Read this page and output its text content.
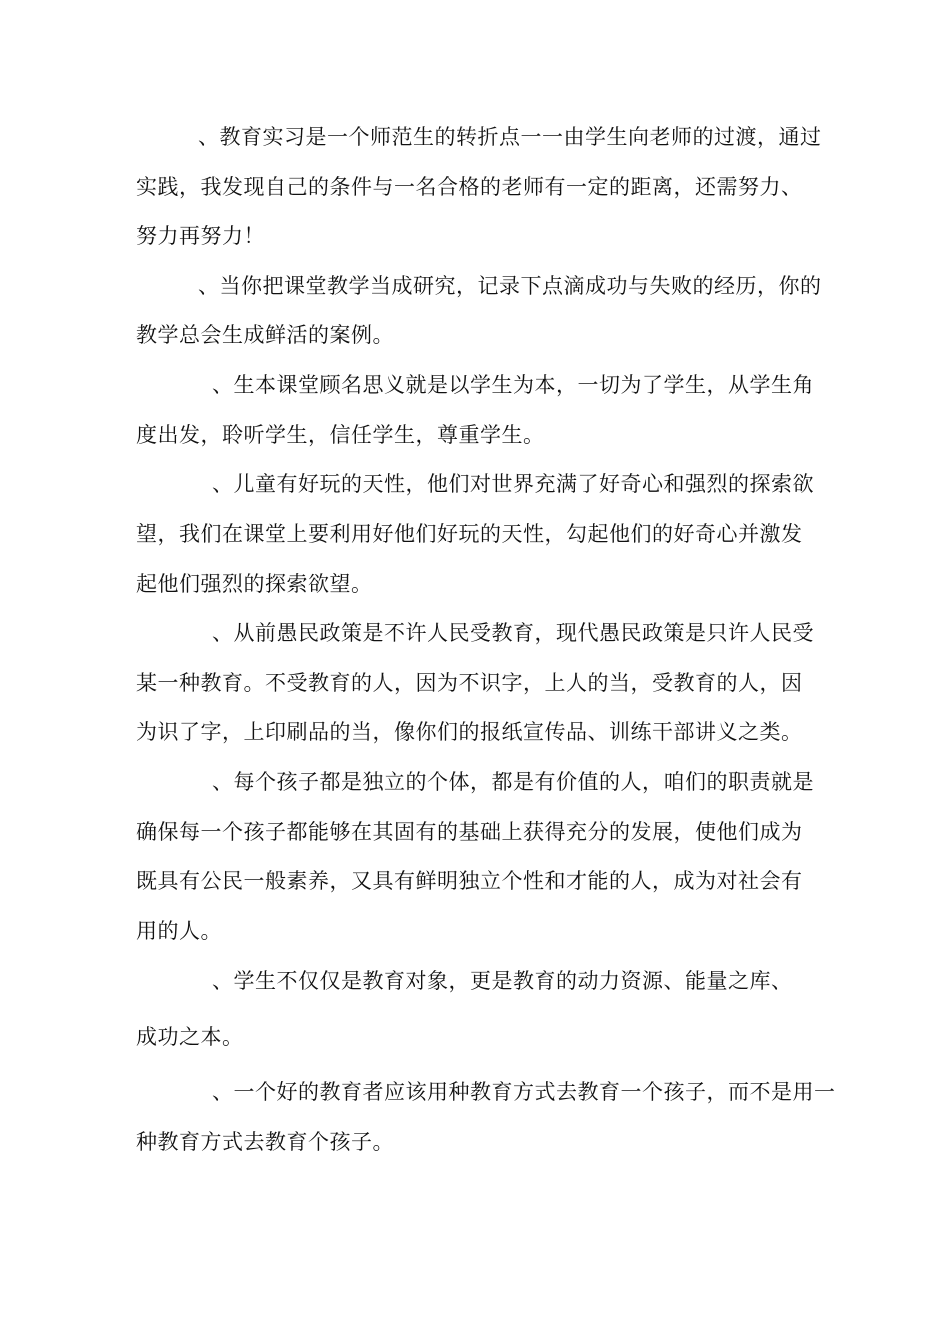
、教育实习是一个师范生的转折点一一由学生向老师的过渡，通过
实践，我发现自己的条件与一名合格的老师有一定的距离，还需努力、
努力再努力！
、当你把课堂教学当成研究，记录下点滴成功与失败的经历，你的
教学总会生成鲜活的案例。
、生本课堂顾名思义就是以学生为本，一切为了学生，从学生角
度出发，聆听学生，信任学生，尊重学生。
、儿童有好玩的天性，他们对世界充满了好奇心和强烈的探索欲
望，我们在课堂上要利用好他们好玩的天性，勾起他们的好奇心并激发
起他们强烈的探索欲望。
、从前愚民政策是不许人民受教育，现代愚民政策是只许人民受
某一种教育。不受教育的人，因为不识字，上人的当，受教育的人，因
为识了字，上印刷品的当，像你们的报纸宣传品、训练干部讲义之类。
、每个孩子都是独立的个体，都是有价值的人，咱们的职责就是
确保每一个孩子都能够在其固有的基础上获得充分的发展，使他们成为
既具有公民一般素养，又具有鲜明独立个性和才能的人，成为对社会有
用的人。
、学生不仅仅是教育对象，更是教育的动力资源、能量之库、
成功之本。
、一个好的教育者应该用种教育方式去教育一个孩子，而不是用一
种教育方式去教育个孩子。
